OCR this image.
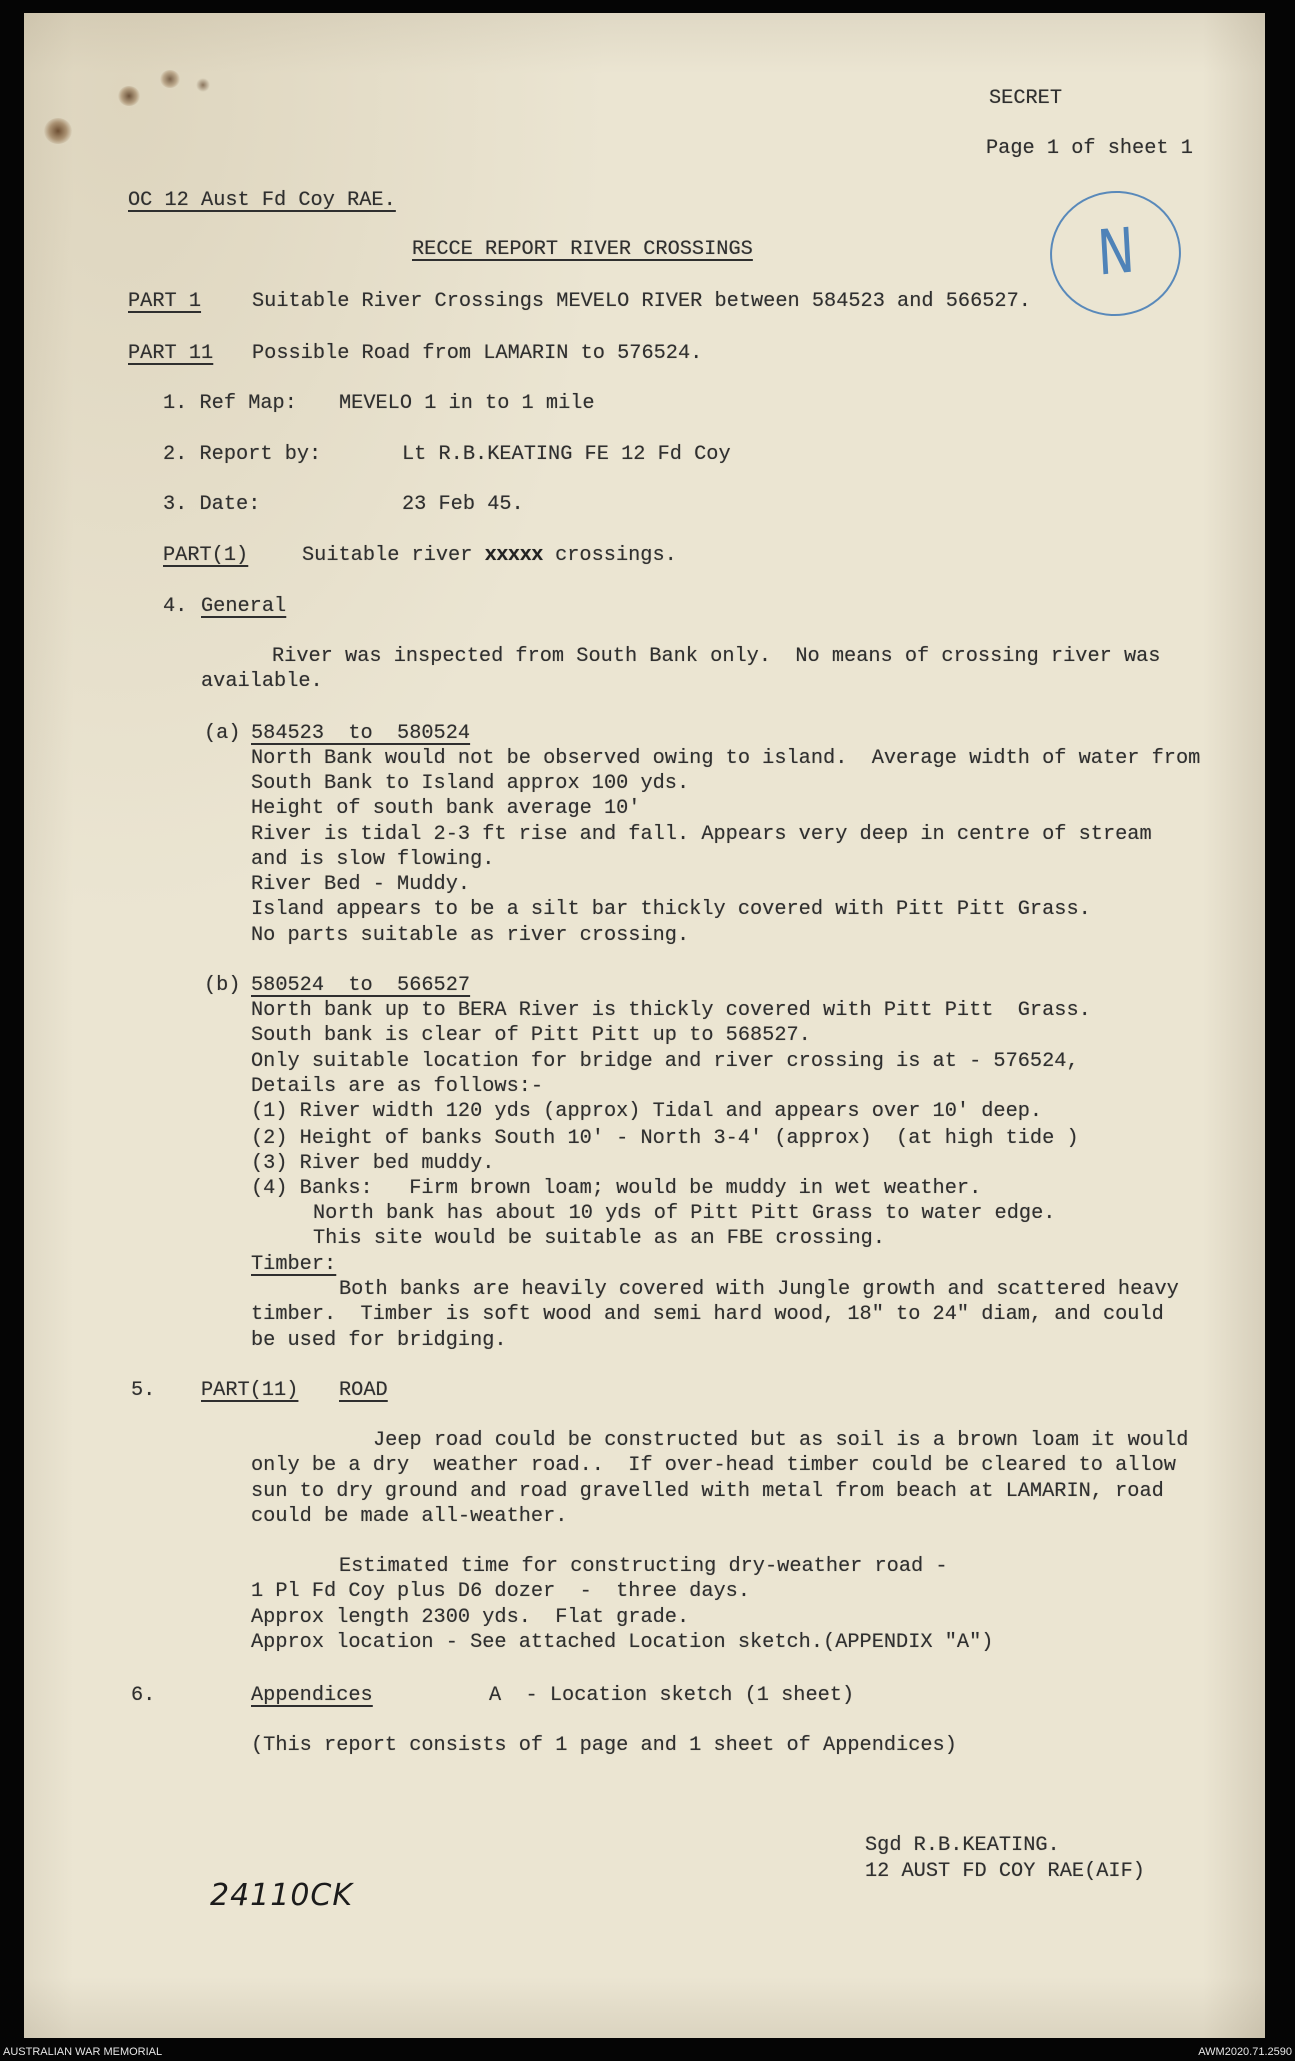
SECRET
Page 1 of sheet 1
OC 12 Aust Fd Coy RAE.
RECCE REPORT RIVER CROSSINGS	N
PART 1	Suitable River Crossings MEVELO RIVER between 584523 and 566527.
PART 11 Possible Road from LAMARIN to 576524.
1. Ref Map: MEVELO 1 in to 1 mile
2. Report by:	Lt R.B.KEATING FE 12 Fd Coy
3. Date:	23 Feb 45.
PART(1)	Suitable river xxxxx crossings.
4. General
River was inspected from South Bank only.  No means of crossing river was
available.
(a) 584523  to  580524
North Bank would not be observed owing to island.  Average width of water from
South Bank to Island approx 100 yds.
Height of south bank average 10'
River is tidal 2-3 ft rise and fall. Appears very deep in centre of stream
and is slow flowing.
River Bed - Muddy.
Island appears to be a silt bar thickly covered with Pitt Pitt Grass.
No parts suitable as river crossing.
(b) 580524  to  566527
North bank up to BERA River is thickly covered with Pitt Pitt  Grass.
South bank is clear of Pitt Pitt up to 568527.
Only suitable location for bridge and river crossing is at - 576524,
Details are as follows:-
(1) River width 120 yds (approx) Tidal and appears over 10' deep.
(2) Height of banks South 10' - North 3-4' (approx)  (at high tide )
(3) River bed muddy.
(4) Banks:   Firm brown loam; would be muddy in wet weather.
North bank has about 10 yds of Pitt Pitt Grass to water edge.
This site would be suitable as an FBE crossing.
Timber:
Both banks are heavily covered with Jungle growth and scattered heavy
timber.  Timber is soft wood and semi hard wood, 18" to 24" diam, and could
be used for bridging.
5. PART(11) ROAD
Jeep road could be constructed but as soil is a brown loam it would
only be a dry  weather road..  If over-head timber could be cleared to allow
sun to dry ground and road gravelled with metal from beach at LAMARIN, road
could be made all-weather.
Estimated time for constructing dry-weather road -
1 Pl Fd Coy plus D6 dozer  -  three days.
Approx length 2300 yds.  Flat grade.
Approx location - See attached Location sketch.(APPENDIX "A")
6.	Appendices	A  - Location sketch (1 sheet)
(This report consists of 1 page and 1 sheet of Appendices)
Sgd R.B.KEATING.
12 AUST FD COY RAE(AIF)
24110CK
AUSTRALIAN WAR MEMORIAL	AWM2020.71.2590
